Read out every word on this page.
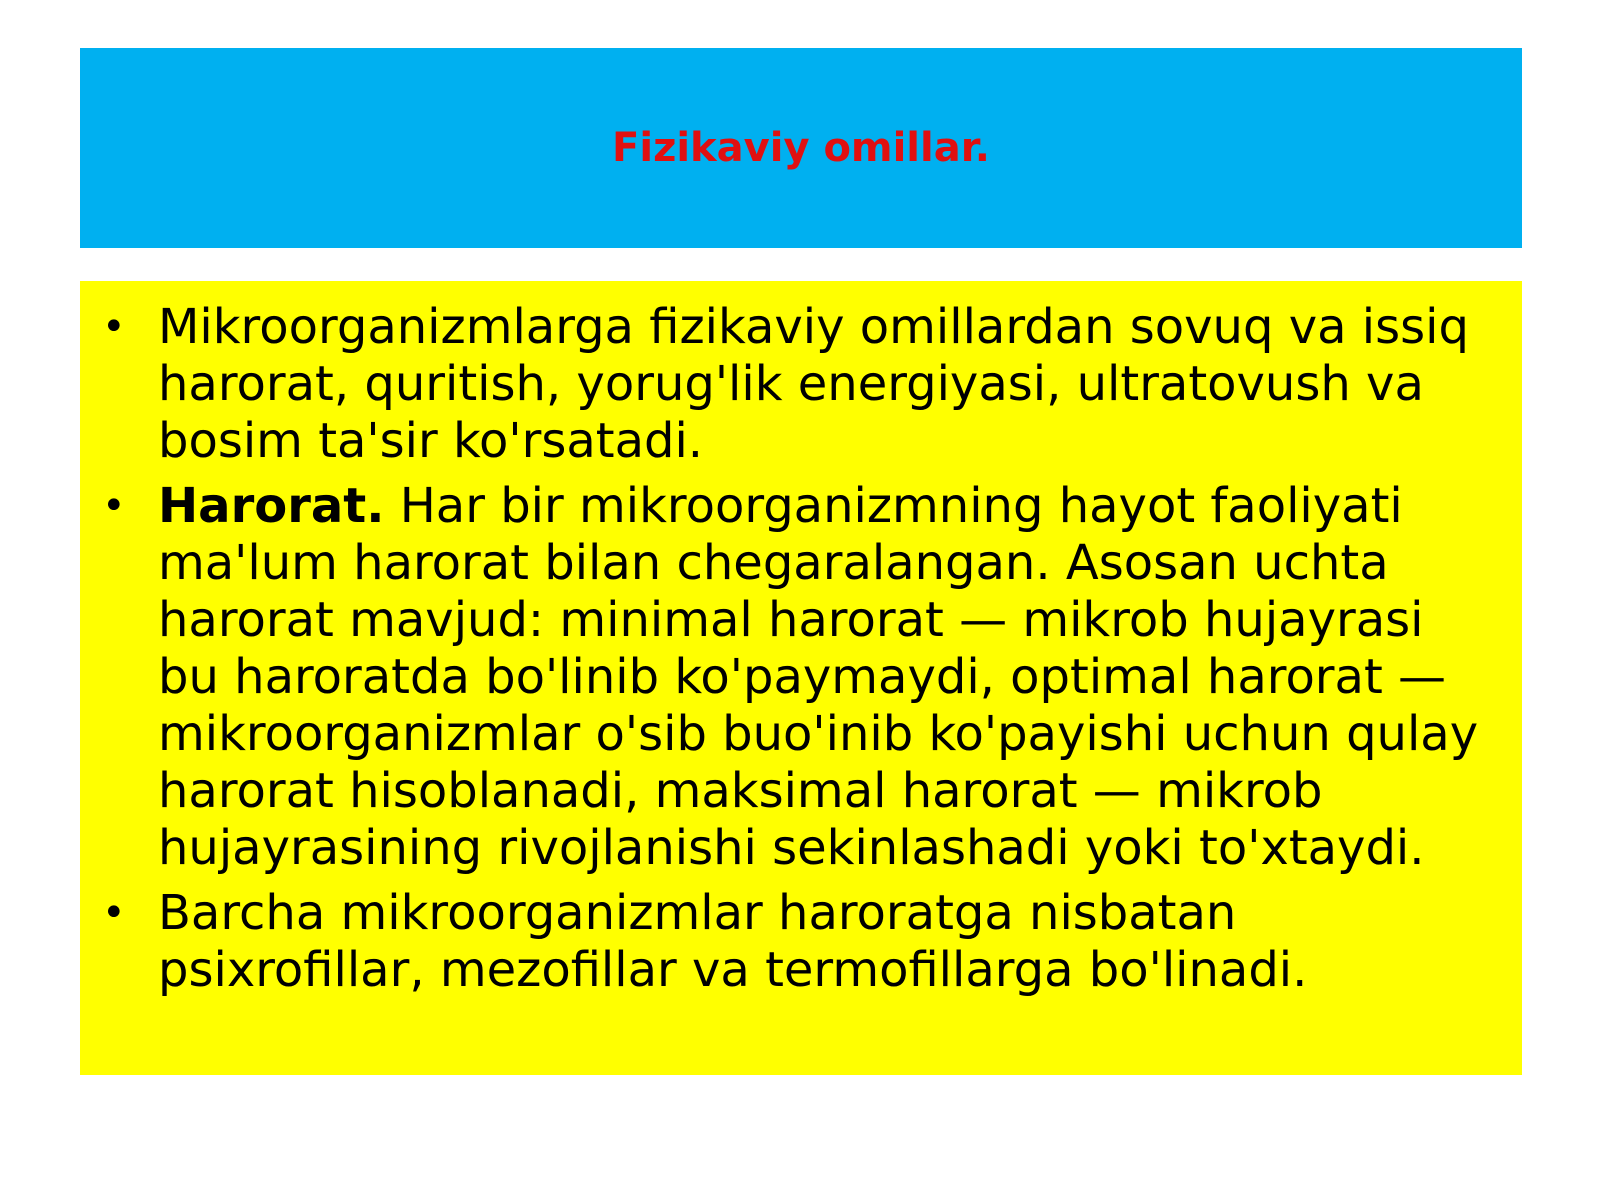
Fizikaviy omillar.
• Mikroorganizmlarga fizikaviy omillardan sovuq va issiq harorat, quritish, yorug'lik energiyasi, ultratovush va bosim ta'sir ko'rsatadi.
• Harorat. Har bir mikroorganizmning hayot faoliyati ma'lum harorat bilan chegaralangan. Asosan uchta harorat mavjud: minimal harorat — mikrob hujayrasi bu haroratda bo'linib ko'paymaydi, optimal harorat — mikroorganizmlar o'sib buo'inib ko'payishi uchun qulay harorat hisoblanadi, maksimal harorat — mikrob hujayrasining rivojlanishi sekinlashadi yoki to'xtaydi.
• Barcha mikroorganizmlar haroratga nisbatan psixrofillar, mezofillar va termofillarga bo'linadi.
